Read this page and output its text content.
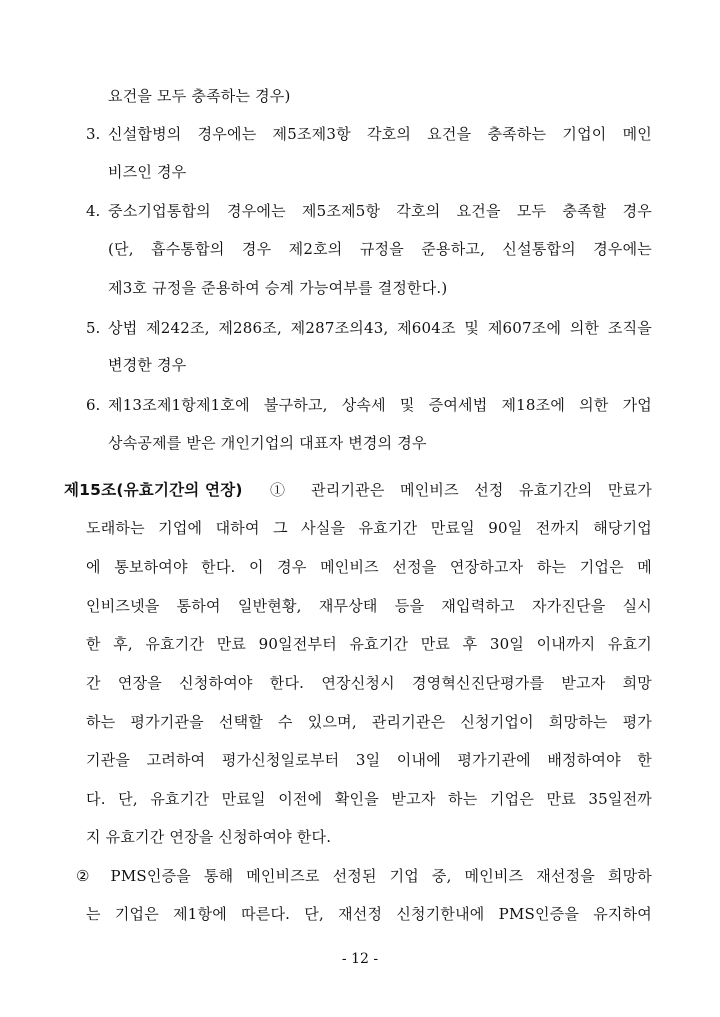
요건을 모두 충족하는 경우)
3. 신설합병의 경우에는 제5조제3항 각호의 요건을 충족하는 기업이 메인
비즈인 경우
4. 중소기업통합의 경우에는 제5조제5항 각호의 요건을 모두 충족할 경우
(단, 흡수통합의 경우 제2호의 규정을 준용하고, 신설통합의 경우에는
제3호 규정을 준용하여 승계 가능여부를 결정한다.)
5. 상법 제242조, 제286조, 제287조의43, 제604조 및 제607조에 의한 조직을
변경한 경우
6. 제13조제1항제1호에 불구하고, 상속세 및 증여세법 제18조에 의한 가업
상속공제를 받은 개인기업의 대표자 변경의 경우
제15조(유효기간의 연장) ① 관리기관은 메인비즈 선정 유효기간의 만료가
도래하는 기업에 대하여 그 사실을 유효기간 만료일 90일 전까지 해당기업
에 통보하여야 한다. 이 경우 메인비즈 선정을 연장하고자 하는 기업은 메
인비즈넷을 통하여 일반현황, 재무상태 등을 재입력하고 자가진단을 실시
한 후, 유효기간 만료 90일전부터 유효기간 만료 후 30일 이내까지 유효기
간 연장을 신청하여야 한다. 연장신청시 경영혁신진단평가를 받고자 희망
하는 평가기관을 선택할 수 있으며, 관리기관은 신청기업이 희망하는 평가
기관을 고려하여 평가신청일로부터 3일 이내에 평가기관에 배정하여야 한
다. 단, 유효기간 만료일 이전에 확인을 받고자 하는 기업은 만료 35일전까
지 유효기간 연장을 신청하여야 한다.
② PMS인증을 통해 메인비즈로 선정된 기업 중, 메인비즈 재선정을 희망하
는 기업은 제1항에 따른다. 단, 재선정 신청기한내에 PMS인증을 유지하여
- 12 -
